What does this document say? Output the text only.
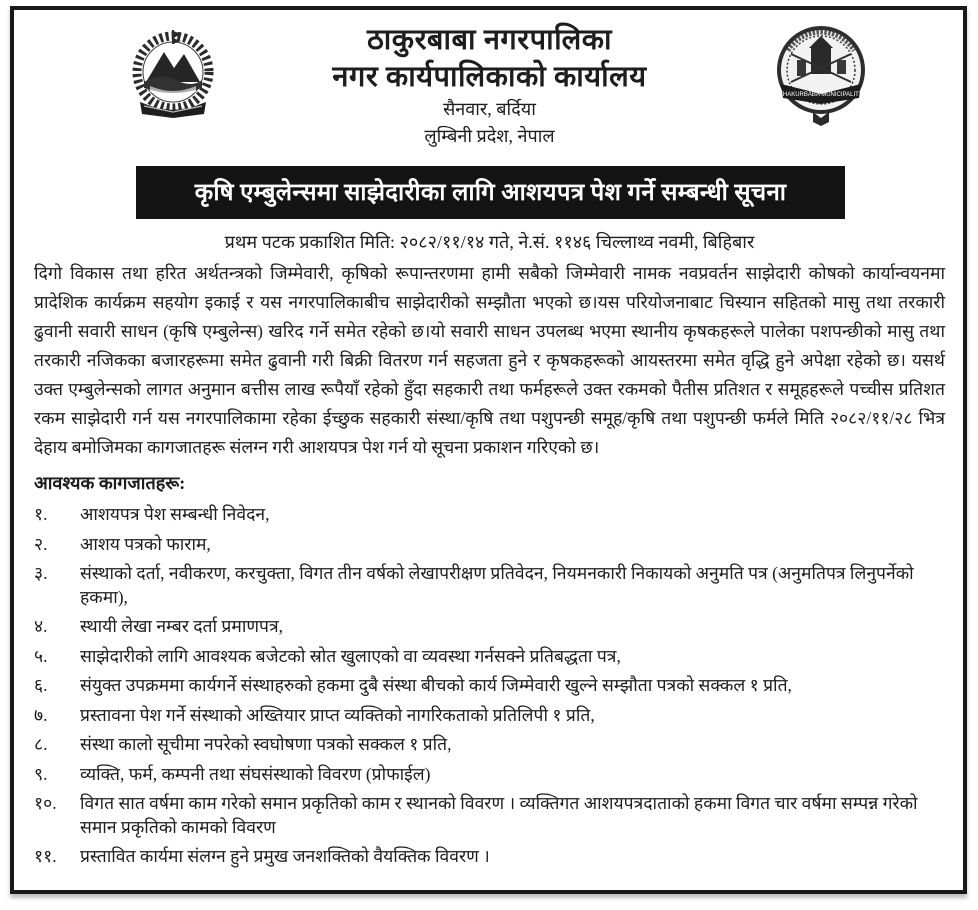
THAKURBABA MUNICIPALITY
ठाकुरबाबा नगरपालिका
नगर कार्यपालिकाको कार्यालय
सैनवार, बर्दिया
लुम्बिनी प्रदेश, नेपाल
कृषि एम्बुलेन्समा साझेदारीका लागि आशयपत्र पेश गर्ने सम्बन्धी सूचना
प्रथम पटक प्रकाशित मिति: २०८२/११/१४ गते, ने.सं. ११४६ चिल्लाथ्व नवमी, बिहिबार
दिगो विकास तथा हरित अर्थतन्त्रको जिम्मेवारी, कृषिको रूपान्तरणमा हामी सबैको जिम्मेवारी नामक नवप्रवर्तन साझेदारी कोषको कार्यान्वयनमा प्रादेशिक कार्यक्रम सहयोग इकाई र यस नगरपालिकाबीच साझेदारीको सम्झौता भएको छ।यस परियोजनाबाट चिस्यान सहितको मासु तथा तरकारी ढुवानी सवारी साधन (कृषि एम्बुलेन्स) खरिद गर्ने समेत रहेको छ।यो सवारी साधन उपलब्ध भएमा स्थानीय कृषकहरूले पालेका पशपन्छीको मासु तथा तरकारी नजिकका बजारहरूमा समेत ढुवानी गरी बिक्री वितरण गर्न सहजता हुने र कृषकहरूको आयस्तरमा समेत वृद्धि हुने अपेक्षा रहेको छ। यसर्थ उक्त एम्बुलेन्सको लागत अनुमान बत्तीस लाख रूपैयाँ रहेको हुँदा सहकारी तथा फर्महरूले उक्त रकमको पैतीस प्रतिशत र समूहहरूले पच्चीस प्रतिशत रकम साझेदारी गर्न यस नगरपालिकामा रहेका ईच्छुक सहकारी संस्था/कृषि तथा पशुपन्छी समूह/कृषि तथा पशुपन्छी फर्मले मिति २०८२/११/२८ भित्र देहाय बमोजिमका कागजातहरू संलग्न गरी आशयपत्र पेश गर्न यो सूचना प्रकाशन गरिएको छ।
आवश्यक कागजातहरू:
१.	आशयपत्र पेश सम्बन्धी निवेदन,
२.	आशय पत्रको फाराम,
३.	संस्थाको दर्ता, नवीकरण, करचुक्ता, विगत तीन वर्षको लेखापरीक्षण प्रतिवेदन, नियमनकारी निकायको अनुमति पत्र (अनुमतिपत्र लिनुपर्नेको हकमा),
४.	स्थायी लेखा नम्बर दर्ता प्रमाणपत्र,
५.	साझेदारीको लागि आवश्यक बजेटको स्रोत खुलाएको वा व्यवस्था गर्नसक्ने प्रतिबद्धता पत्र,
६.	संयुक्त उपक्रममा कार्यगर्ने संस्थाहरुको हकमा दुबै संस्था बीचको कार्य जिम्मेवारी खुल्ने सम्झौता पत्रको सक्कल १ प्रति,
७.	प्रस्तावना पेश गर्ने संस्थाको अख्तियार प्राप्त व्यक्तिको नागरिकताको प्रतिलिपी १ प्रति,
८.	संस्था कालो सूचीमा नपरेको स्वघोषणा पत्रको सक्कल १ प्रति,
९.	व्यक्ति, फर्म, कम्पनी तथा संघसंस्थाको विवरण (प्रोफाईल)
१०.	विगत सात वर्षमा काम गरेको समान प्रकृतिको काम र स्थानको विवरण । व्यक्तिगत आशयपत्रदाताको हकमा विगत चार वर्षमा सम्पन्न गरेको समान प्रकृतिको कामको विवरण
११.	प्रस्तावित कार्यमा संलग्न हुने प्रमुख जनशक्तिको वैयक्तिक विवरण ।
